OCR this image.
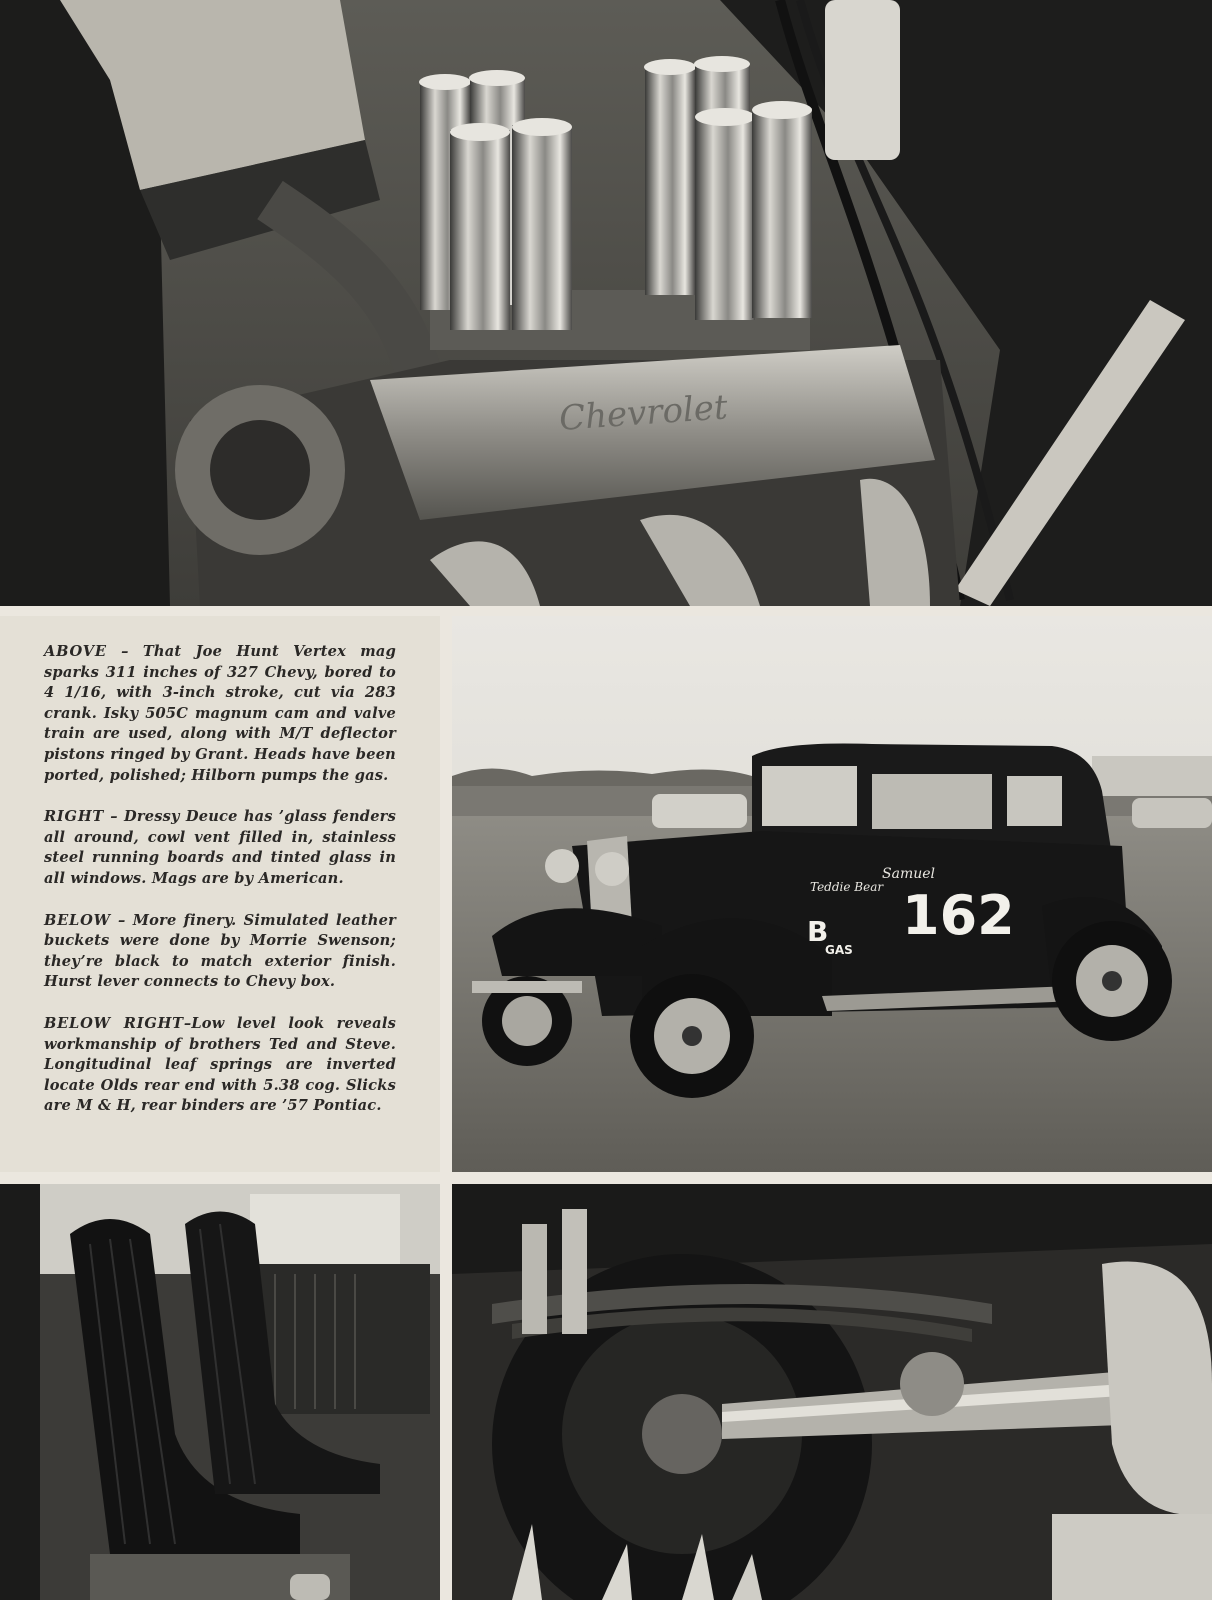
Chevrolet

ABOVE – That Joe Hunt Vertex mag sparks 311 inches of 327 Chevy, bored to 4 1/16, with 3-inch stroke, cut via 283 crank. Isky 505C magnum cam and valve train are used, along with M/T deflector pistons ringed by Grant. Heads have been ported, polished; Hilborn pumps the gas.

RIGHT – Dressy Deuce has ’glass fenders all around, cowl vent filled in, stainless steel running boards and tinted glass in all windows. Mags are by American.

BELOW – More finery. Simulated leather buckets were done by Morrie Swenson; they’re black to match exterior finish. Hurst lever connects to Chevy box.

BELOW RIGHT–Low level look reveals workmanship of brothers Ted and Steve. Longitudinal leaf springs are inverted locate Olds rear end with 5.38 cog. Slicks are M & H, rear binders are ’57 Pontiac.

162
B
GAS
Teddie Bear
Samuel
